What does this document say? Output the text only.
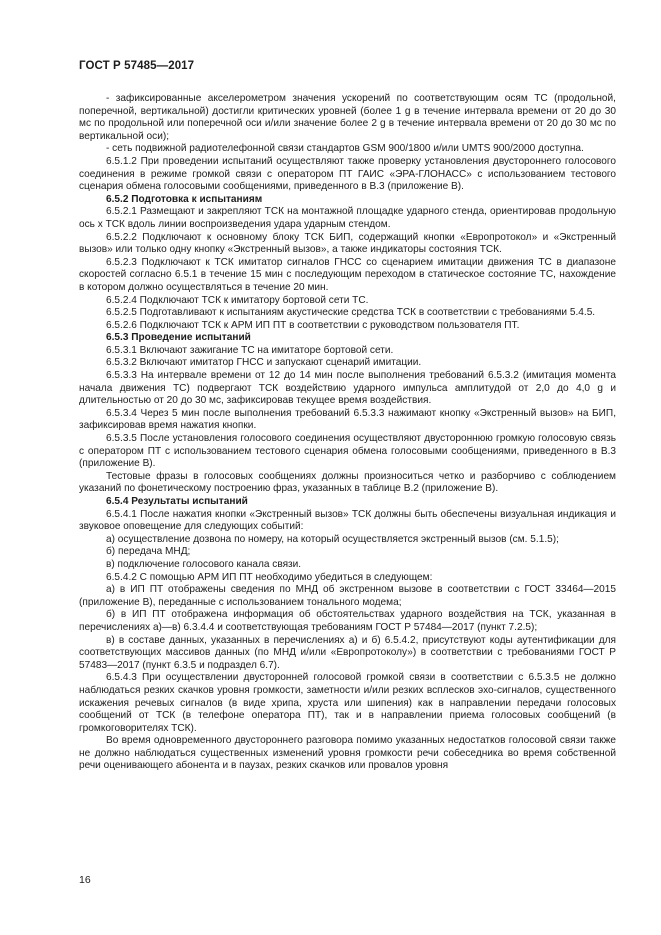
ГОСТ Р 57485—2017

- зафиксированные акселерометром значения ускорений по соответствующим осям ТС (продольной, поперечной, вертикальной) достигли критических уровней (более 1 g в течение интервала времени от 20 до 30 мс по продольной или поперечной оси и/или значение более 2 g в течение интервала времени от 20 до 30 мс по вертикальной оси);

- сеть подвижной радиотелефонной связи стандартов GSM 900/1800 и/или UMTS 900/2000 доступна.

6.5.1.2 При проведении испытаний осуществляют также проверку установления двустороннего голосового соединения в режиме громкой связи с оператором ПТ ГАИС «ЭРА-ГЛОНАСС» с использованием тестового сценария обмена голосовыми сообщениями, приведенного в В.3 (приложение В).

6.5.2 Подготовка к испытаниям

6.5.2.1 Размещают и закрепляют ТСК на монтажной площадке ударного стенда, ориентировав продольную ось x ТСК вдоль линии воспроизведения удара ударным стендом.

6.5.2.2 Подключают к основному блоку ТСК БИП, содержащий кнопки «Европротокол» и «Экстренный вызов» или только одну кнопку «Экстренный вызов», а также индикаторы состояния ТСК.

6.5.2.3 Подключают к ТСК имитатор сигналов ГНСС со сценарием имитации движения ТС в диапазоне скоростей согласно 6.5.1 в течение 15 мин с последующим переходом в статическое состояние ТС, нахождение в котором должно осуществляться в течение 20 мин.

6.5.2.4 Подключают ТСК к имитатору бортовой сети ТС.

6.5.2.5 Подготавливают к испытаниям акустические средства ТСК в соответствии с требованиями 5.4.5.

6.5.2.6 Подключают ТСК к АРМ ИП ПТ в соответствии с руководством пользователя ПТ.

6.5.3 Проведение испытаний

6.5.3.1 Включают зажигание ТС на имитаторе бортовой сети.

6.5.3.2 Включают имитатор ГНСС и запускают сценарий имитации.

6.5.3.3 На интервале времени от 12 до 14 мин после выполнения требований 6.5.3.2 (имитация момента начала движения ТС) подвергают ТСК воздействию ударного импульса амплитудой от 2,0 до 4,0 g и длительностью от 20 до 30 мс, зафиксировав текущее время воздействия.

6.5.3.4 Через 5 мин после выполнения требований 6.5.3.3 нажимают кнопку «Экстренный вызов» на БИП, зафиксировав время нажатия кнопки.

6.5.3.5 После установления голосового соединения осуществляют двустороннюю громкую голосовую связь с оператором ПТ с использованием тестового сценария обмена голосовыми сообщениями, приведенного в В.3 (приложение В).

Тестовые фразы в голосовых сообщениях должны произноситься четко и разборчиво с соблюдением указаний по фонетическому построению фраз, указанных в таблице В.2 (приложение В).

6.5.4 Результаты испытаний

6.5.4.1 После нажатия кнопки «Экстренный вызов» ТСК должны быть обеспечены визуальная индикация и звуковое оповещение для следующих событий:

а) осуществление дозвона по номеру, на который осуществляется экстренный вызов (см. 5.1.5);

б) передача МНД;

в) подключение голосового канала связи.

6.5.4.2 С помощью АРМ ИП ПТ необходимо убедиться в следующем:

а) в ИП ПТ отображены сведения по МНД об экстренном вызове в соответствии с ГОСТ 33464—2015 (приложение В), переданные с использованием тонального модема;

б) в ИП ПТ отображена информация об обстоятельствах ударного воздействия на ТСК, указанная в перечислениях а)—в) 6.3.4.4 и соответствующая требованиям ГОСТ Р 57484—2017 (пункт 7.2.5);

в) в составе данных, указанных в перечислениях а) и б) 6.5.4.2, присутствуют коды аутентификации для соответствующих массивов данных (по МНД и/или «Европротоколу») в соответствии с требованиями ГОСТ Р 57483—2017 (пункт 6.3.5 и подраздел 6.7).

6.5.4.3 При осуществлении двусторонней голосовой громкой связи в соответствии с 6.5.3.5 не должно наблюдаться резких скачков уровня громкости, заметности и/или резких всплесков эхо-сигналов, существенного искажения речевых сигналов (в виде хрипа, хруста или шипения) как в направлении передачи голосовых сообщений от ТСК (в телефоне оператора ПТ), так и в направлении приема голосовых сообщений (в громкоговорителях ТСК).

Во время одновременного двустороннего разговора помимо указанных недостатков голосовой связи также не должно наблюдаться существенных изменений уровня громкости речи собеседника во время собственной речи оценивающего абонента и в паузах, резких скачков или провалов уровня

16
